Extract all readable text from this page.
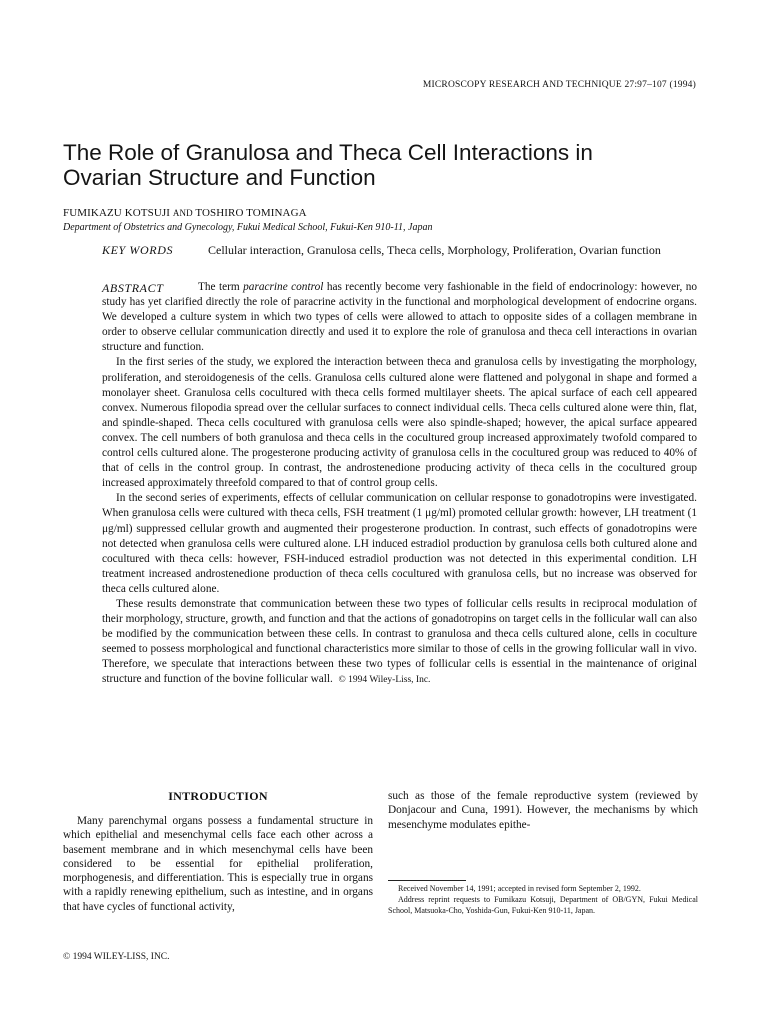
MICROSCOPY RESEARCH AND TECHNIQUE 27:97–107 (1994)
The Role of Granulosa and Theca Cell Interactions in
Ovarian Structure and Function
FUMIKAZU KOTSUJI AND TOSHIRO TOMINAGA
Department of Obstetrics and Gynecology, Fukui Medical School, Fukui-Ken 910-11, Japan
KEY WORDS	Cellular interaction, Granulosa cells, Theca cells, Morphology, Proliferation, Ovarian function
ABSTRACT	The term paracrine control has recently become very fashionable in the field of endocrinology: however, no study has yet clarified directly the role of paracrine activity in the functional and morphological development of endocrine organs. We developed a culture system in which two types of cells were allowed to attach to opposite sides of a collagen membrane in order to observe cellular communication directly and used it to explore the role of granulosa and theca cell interactions in ovarian structure and function.

In the first series of the study, we explored the interaction between theca and granulosa cells by investigating the morphology, proliferation, and steroidogenesis of the cells. Granulosa cells cultured alone were flattened and polygonal in shape and formed a monolayer sheet. Granulosa cells cocultured with theca cells formed multilayer sheets. The apical surface of each cell appeared convex. Numerous filopodia spread over the cellular surfaces to connect individual cells. Theca cells cultured alone were thin, flat, and spindle-shaped. Theca cells cocultured with granulosa cells were also spindle-shaped; however, the apical surface appeared convex. The cell numbers of both granulosa and theca cells in the cocultured group increased approximately twofold compared to control cells cultured alone. The progesterone producing activity of granulosa cells in the cocultured group was reduced to 40% of that of cells in the control group. In contrast, the androstenedione producing activity of theca cells in the cocultured group increased approximately threefold compared to that of control group cells.

In the second series of experiments, effects of cellular communication on cellular response to gonadotropins were investigated. When granulosa cells were cultured with theca cells, FSH treatment (1 μg/ml) promoted cellular growth: however, LH treatment (1 μg/ml) suppressed cellular growth and augmented their progesterone production. In contrast, such effects of gonadotropins were not detected when granulosa cells were cultured alone. LH induced estradiol production by granulosa cells both cultured alone and cocultured with theca cells: however, FSH-induced estradiol production was not detected in this experimental condition. LH treatment increased androstenedione production of theca cells cocultured with granulosa cells, but no increase was observed for theca cells cultured alone.

These results demonstrate that communication between these two types of follicular cells results in reciprocal modulation of their morphology, structure, growth, and function and that the actions of gonadotropins on target cells in the follicular wall can also be modified by the communication between these cells. In contrast to granulosa and theca cells cultured alone, cells in coculture seemed to possess morphological and functional characteristics more similar to those of cells in the growing follicular wall in vivo. Therefore, we speculate that interactions between these two types of follicular cells is essential in the maintenance of original structure and function of the bovine follicular wall. © 1994 Wiley-Liss, Inc.

INTRODUCTION

Many parenchymal organs possess a fundamental structure in which epithelial and mesenchymal cells face each other across a basement membrane and in which mesenchymal cells have been considered to be essential for epithelial proliferation, morphogenesis, and differentiation. This is especially true in organs with a rapidly renewing epithelium, such as intestine, and in organs that have cycles of functional activity,

such as those of the female reproductive system (reviewed by Donjacour and Cuna, 1991). However, the mechanisms by which mesenchyme modulates epithe-

Received November 14, 1991; accepted in revised form September 2, 1992.
Address reprint requests to Fumikazu Kotsuji, Department of OB/GYN, Fukui Medical School, Matsuoka-Cho, Yoshida-Gun, Fukui-Ken 910-11, Japan.
© 1994 WILEY-LISS, INC.
